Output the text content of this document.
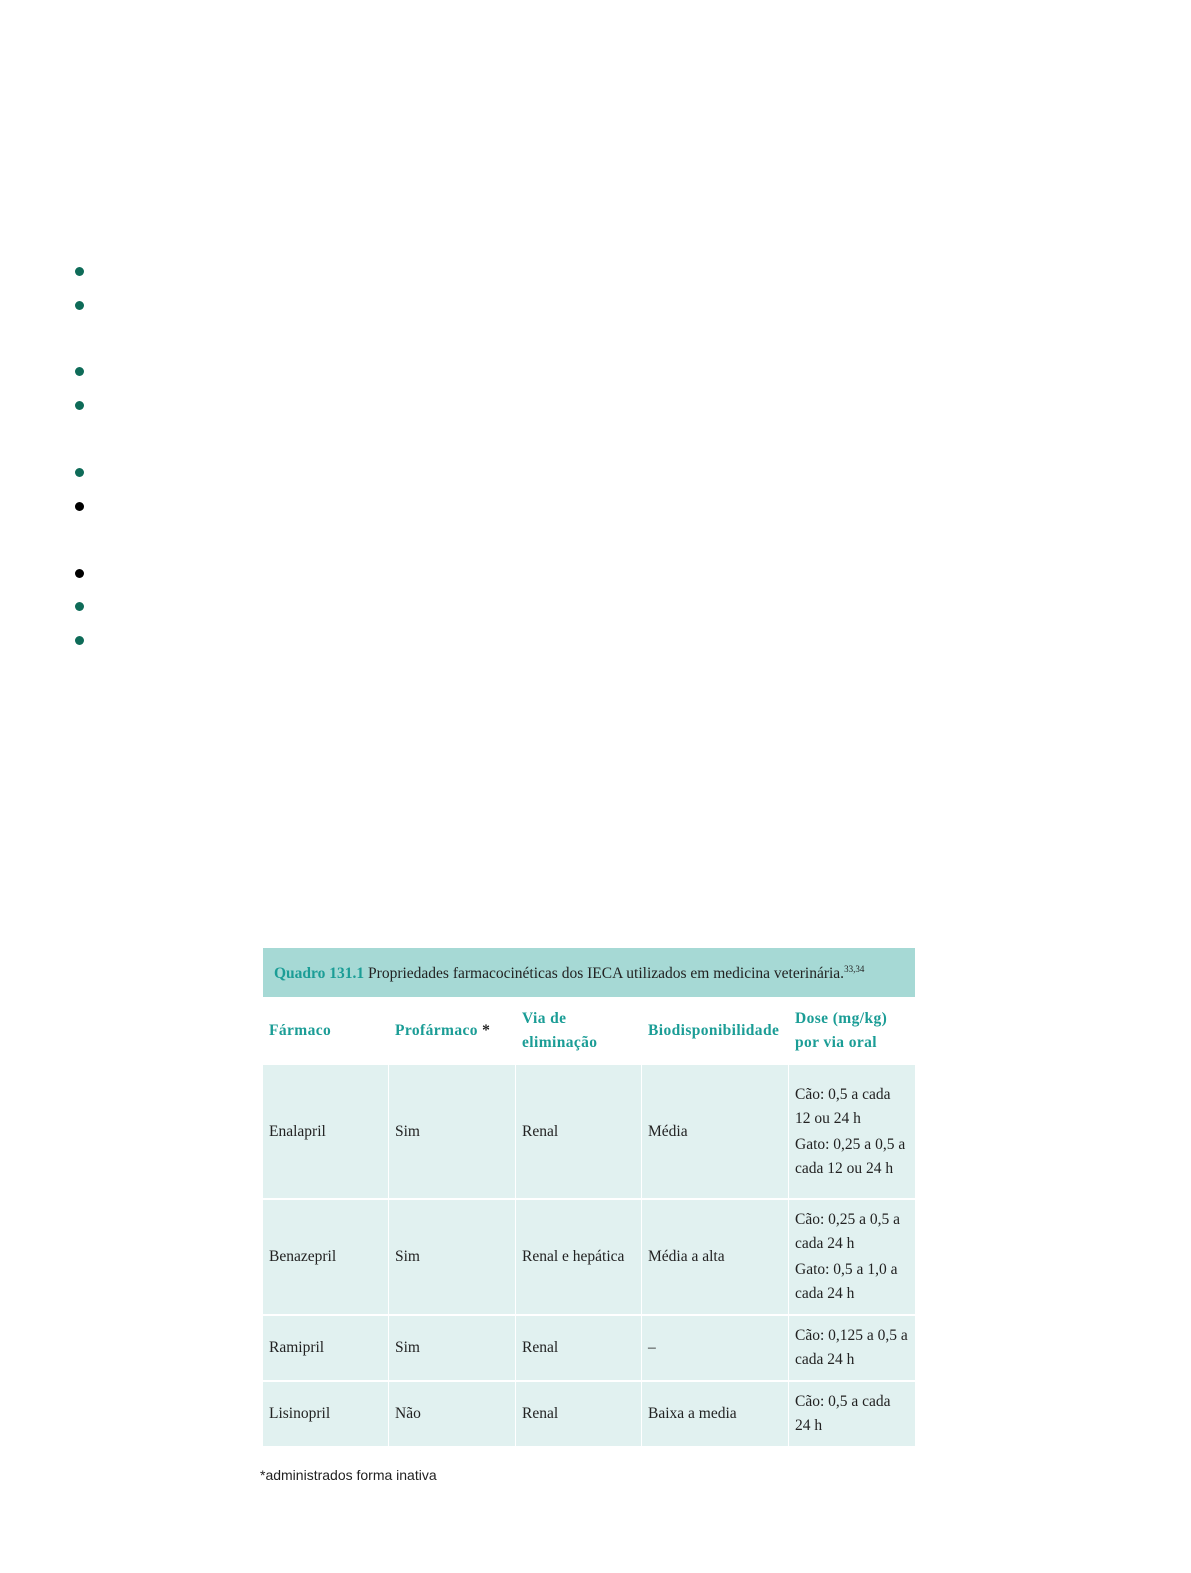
Quadro 131.1 Propriedades farmacocinéticas dos IECA utilizados em medicina veterinária.$^{33,34}$
Fármaco	Profármaco *	Via de eliminação	Biodisponibilidade	Dose (mg/kg) por via oral
Enalapril	Sim	Renal	Média	Cão: 0,5 a cada 12 ou 24 h
Gato: 0,25 a 0,5 a cada 12 ou 24 h

Benazepril	Sim	Renal e hepática	Média a alta	Cão: 0,25 a 0,5 a cada 24 h
Gato: 0,5 a 1,0 a cada 24 h

Ramipril	Sim	Renal	–	Cão: 0,125 a 0,5 a cada 24 h

Lisinopril	Não	Renal	Baixa a media	Cão: 0,5 a cada 24 h
*administrados forma inativa
